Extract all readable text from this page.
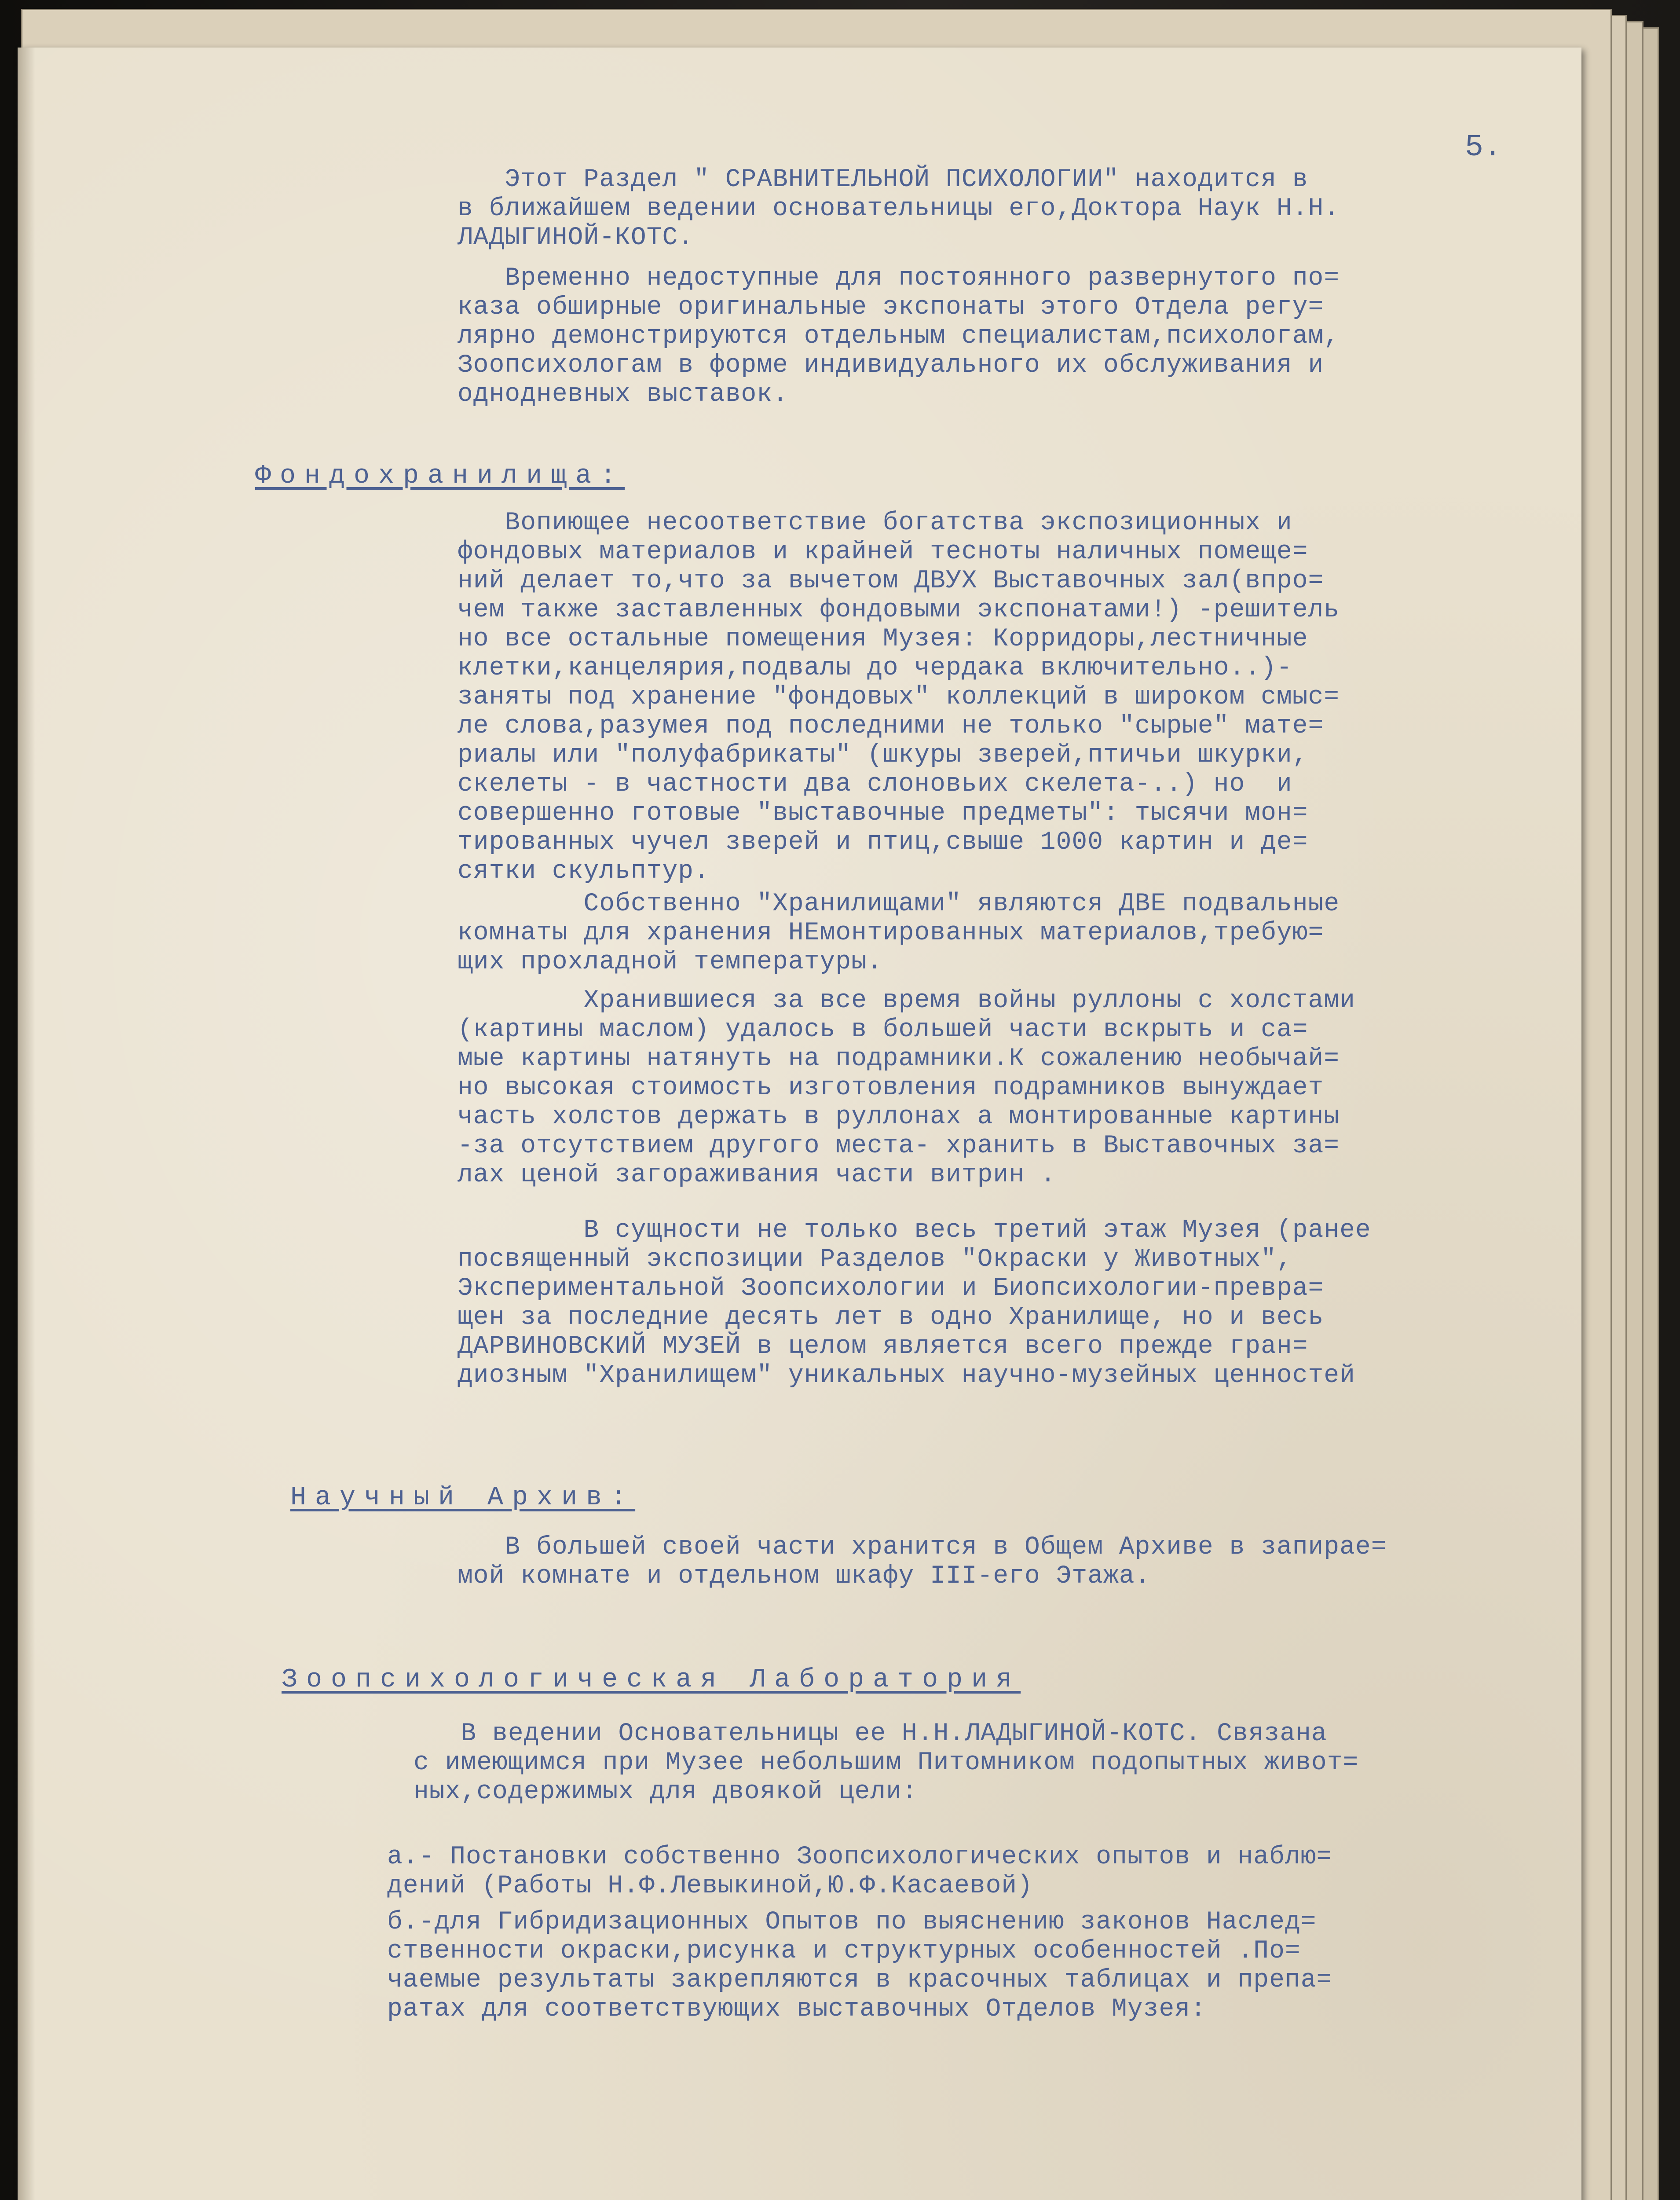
5.
Этот Раздел " СРАВНИТЕЛЬНОЙ ПСИХОЛОГИИ" находится в
в ближайшем ведении основательницы его,Доктора Наук Н.Н.
ЛАДЫГИНОЙ-КОТС.
Временно недоступные для постоянного развернутого по=
каза обширные оригинальные экспонаты этого Отдела регу=
лярно демонстрируются отдельным специалистам,психологам,
Зоопсихологам в форме индивидуального их обслуживания и
однодневных выставок.
Фондохранилища:
Вопиющее несоответствие богатства экспозиционных и
фондовых материалов и крайней тесноты наличных помеще=
ний делает то,что за вычетом ДВУХ Выставочных зал(впро=
чем также заставленных фондовыми экспонатами!) -решитель
но все остальные помещения Музея: Корридоры,лестничные
клетки,канцелярия,подвалы до чердака включительно..)-
заняты под хранение "фондовых" коллекций в широком смыс=
ле слова,разумея под последними не только "сырые" мате=
риалы или "полуфабрикаты" (шкуры зверей,птичьи шкурки,
скелеты - в частности два слоновьих скелета-..) но  и
совершенно готовые "выставочные предметы": тысячи мон=
тированных чучел зверей и птиц,свыше 1000 картин и де=
сятки скульптур.
Собственно "Хранилищами" являются ДВЕ подвальные
комнаты для хранения НЕмонтированных материалов,требую=
щих прохладной температуры.
Хранившиеся за все время войны руллоны с холстами
(картины маслом) удалось в большей части вскрыть и са=
мые картины натянуть на подрамники.К сожалению необычай=
но высокая стоимость изготовления подрамников вынуждает
часть холстов держать в руллонах а монтированные картины
-за отсутствием другого места- хранить в Выставочных за=
лах ценой загораживания части витрин .
В сущности не только весь третий этаж Музея (ранее
посвященный экспозиции Разделов "Окраски у Животных",
Экспериментальной Зоопсихологии и Биопсихологии-превра=
щен за последние десять лет в одно Хранилище, но и весь
ДАРВИНОВСКИЙ МУЗЕЙ в целом является всего прежде гран=
диозным "Хранилищем" уникальных научно-музейных ценностей
Научный Архив:
В большей своей части хранится в Общем Архиве в запирае=
мой комнате и отдельном шкафу III-его Этажа.
Зоопсихологическая Лаборатория
В ведении Основательницы ее Н.Н.ЛАДЫГИНОЙ-КОТС. Связана
с имеющимся при Музее небольшим Питомником подопытных живот=
ных,содержимых для двоякой цели:
а.- Постановки собственно Зоопсихологических опытов и наблю=
дений (Работы Н.Ф.Левыкиной,Ю.Ф.Касаевой)
б.-для Гибридизационных Опытов по выяснению законов Наслед=
ственности окраски,рисунка и структурных особенностей .По=
чаемые результаты закрепляются в красочных таблицах и препа=
ратах для соответствующих выставочных Отделов Музея:
